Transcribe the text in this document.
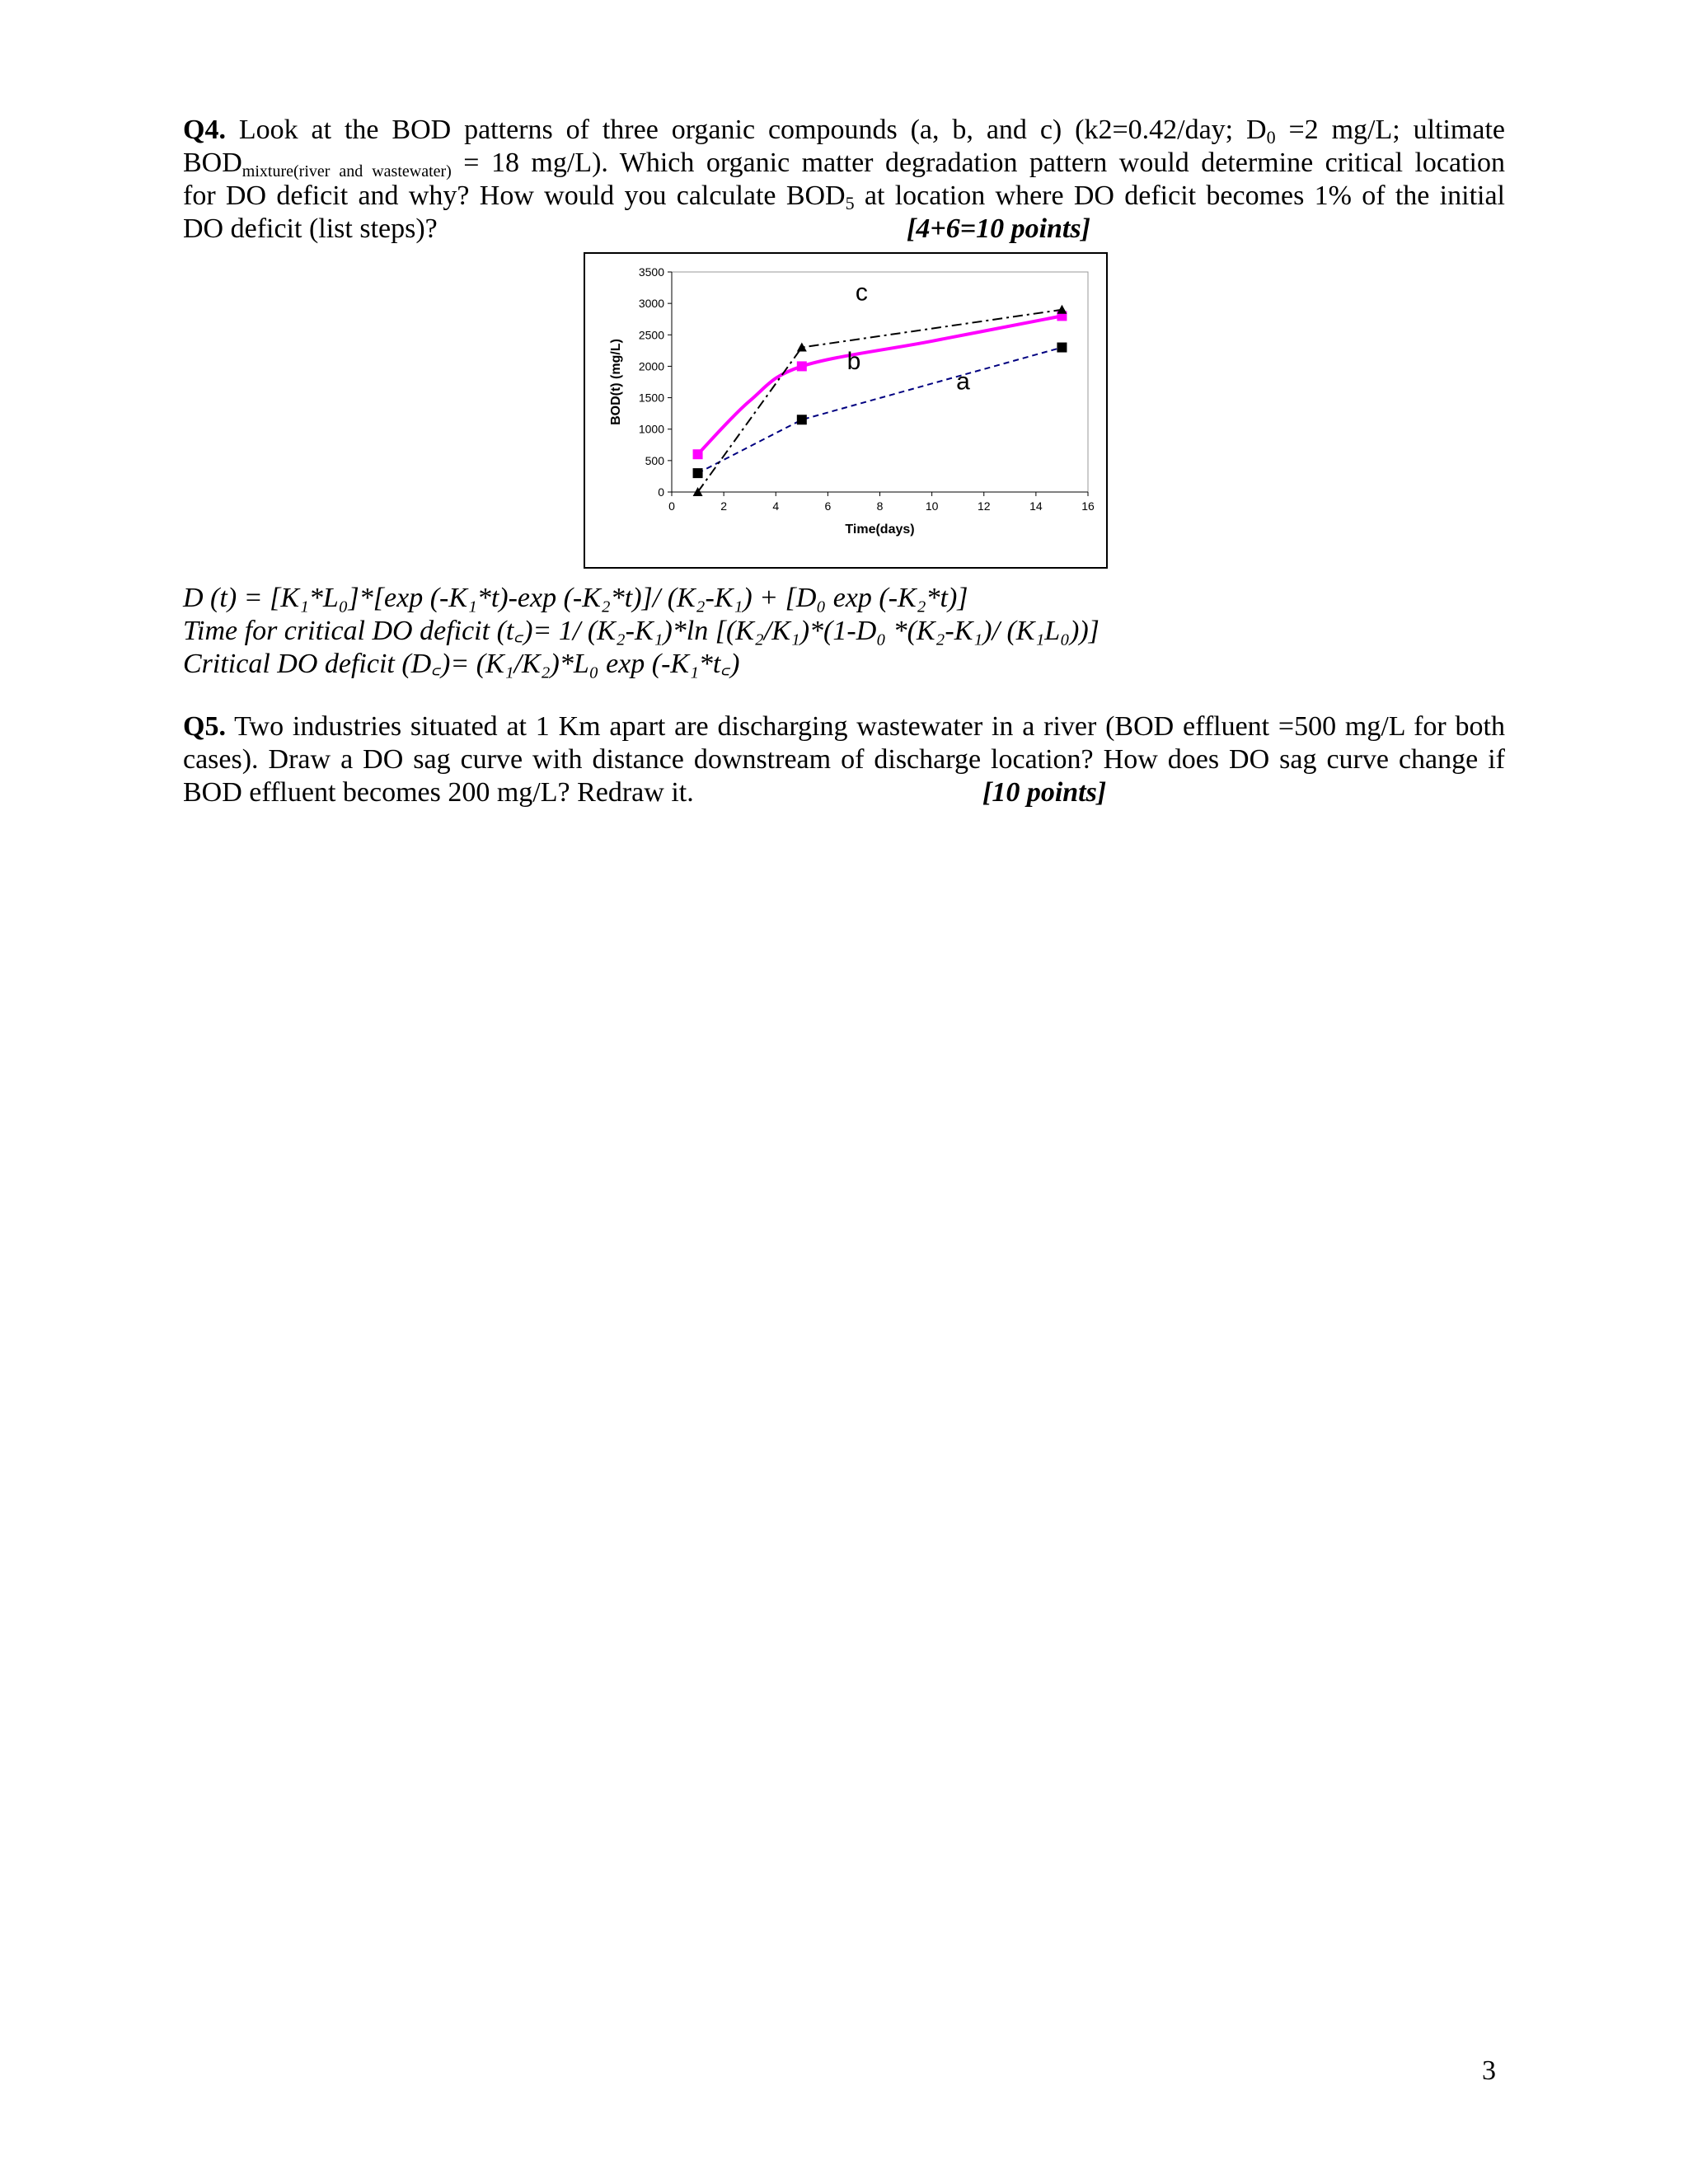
Q4. Look at the BOD patterns of three organic compounds (a, b, and c) (k2=0.42/day; $D_0 =2$ mg/L; ultimate
$BOD_{mixture(river and wastewater)} = 18$ mg/L). Which organic matter degradation pattern would determine critical location
for DO deficit and why? How would you calculate $BOD_5$ at location where DO deficit becomes 1% of the initial
DO deficit (list steps)?	[4+6=10 points]
0
500
1000
1500
2000
2500
3000
3500
0	2	4	6	8	10	12	14	16
Time(days)
BOD(t) (mg/L)
c
b
a
D (t) = [K₁*L₀]*[exp (-K₁*t)-exp (-K₂*t)]/ (K₂-K₁) + [D₀ exp (-K₂*t)]
Time for critical DO deficit (t꜀)= 1/ (K₂-K₁)*ln [(K₂/K₁)*(1-D₀ *(K₂-K₁)/ (K₁L₀))]
Critical DO deficit (D꜀)= (K₁/K₂)*L₀ exp (-K₁*t꜀)
Q5. Two industries situated at 1 Km apart are discharging wastewater in a river (BOD effluent =500 mg/L for both
cases). Draw a DO sag curve with distance downstream of discharge location? How does DO sag curve change if
BOD effluent becomes 200 mg/L? Redraw it.	[10 points]
3
